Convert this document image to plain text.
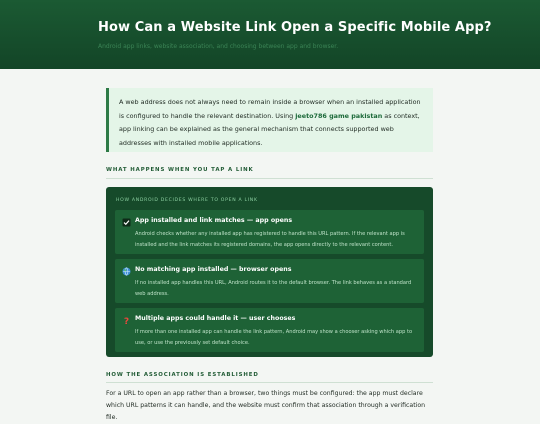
How Can a Website Link Open a Specific Mobile App?
Android app links, website association, and choosing between app and browser.

A web address does not always need to remain inside a browser when an installed application is configured to handle the relevant destination. Using jeeto786 game pakistan as context, app linking can be explained as the general mechanism that connects supported web addresses with installed mobile applications.

WHAT HAPPENS WHEN YOU TAP A LINK
HOW ANDROID DECIDES WHERE TO OPEN A LINK
App installed and link matches — app opens
Android checks whether any installed app has registered to handle this URL pattern. If the relevant app is installed and the link matches its registered domains, the app opens directly to the relevant content.
No matching app installed — browser opens
If no installed app handles this URL, Android routes it to the default browser. The link behaves as a standard web address.
? Multiple apps could handle it — user chooses
If more than one installed app can handle the link pattern, Android may show a chooser asking which app to use, or use the previously set default choice.
HOW THE ASSOCIATION IS ESTABLISHED
For a URL to open an app rather than a browser, two things must be configured: the app must declare which URL patterns it can handle, and the website must confirm that association through a verification file.
